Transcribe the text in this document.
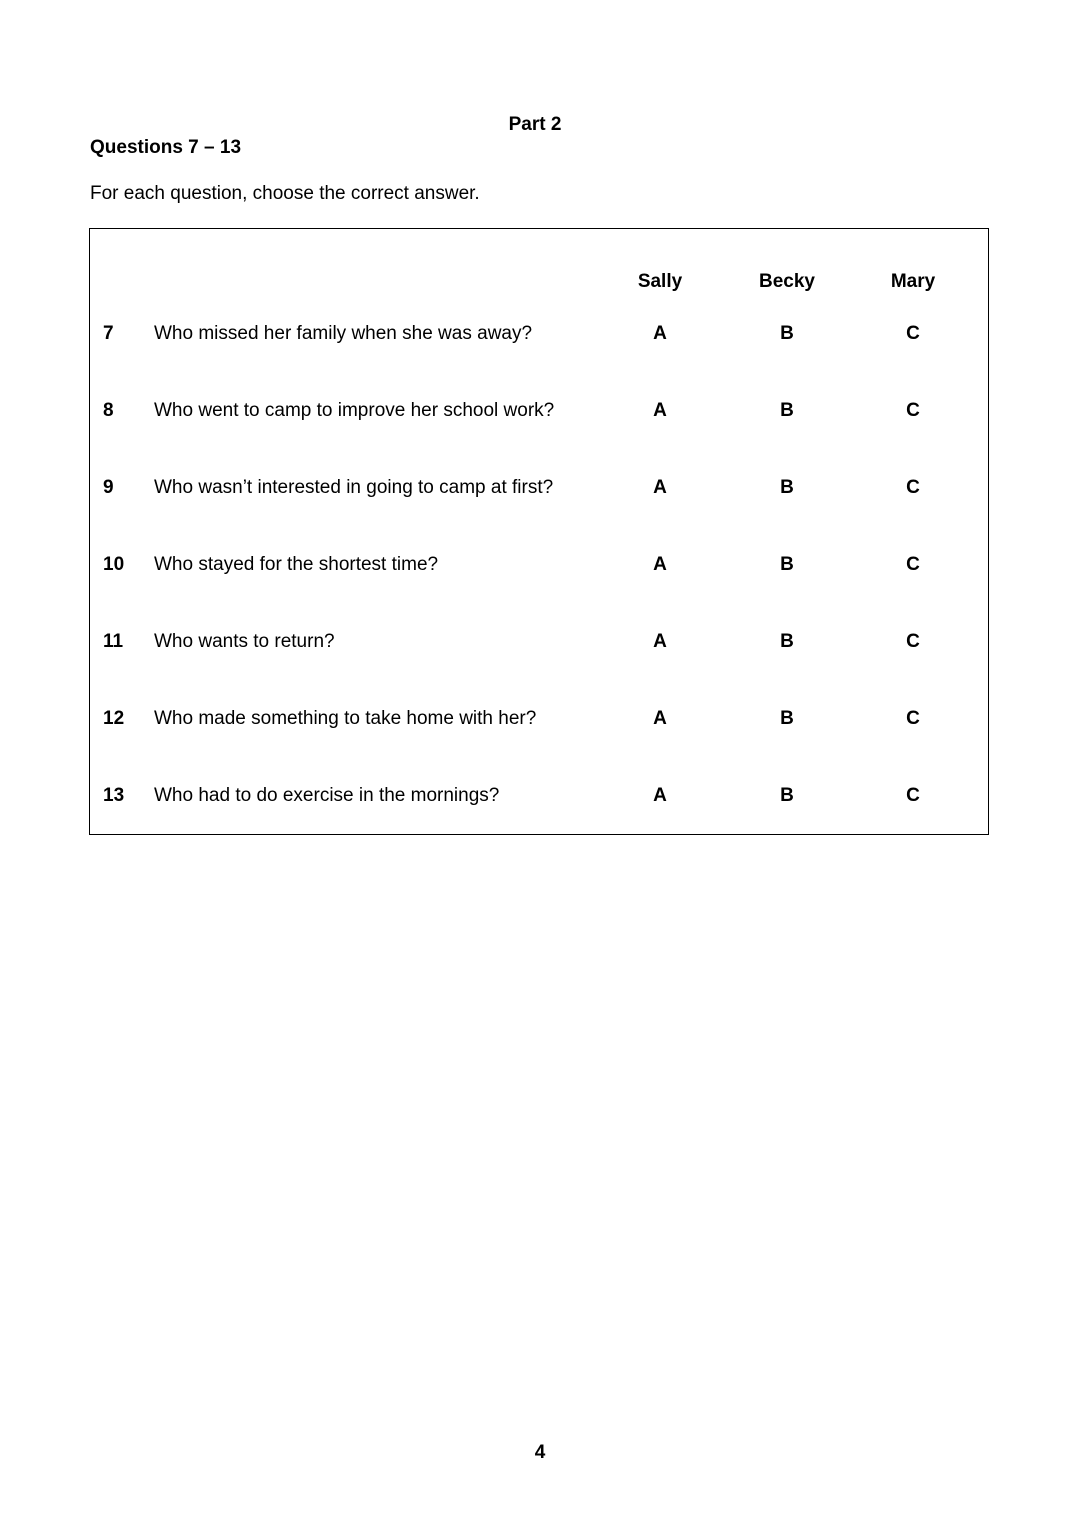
Part 2
Questions 7 – 13
For each question, choose the correct answer.
Sally	Becky	Mary
7 Who missed her family when she was away?	A	B	C
8 Who went to camp to improve her school work?	A	B	C
9 Who wasn’t interested in going to camp at first?	A	B	C
10 Who stayed for the shortest time?	A	B	C
11 Who wants to return?	A	B	C
12 Who made something to take home with her?	A	B	C
13 Who had to do exercise in the mornings?	A	B	C
4
